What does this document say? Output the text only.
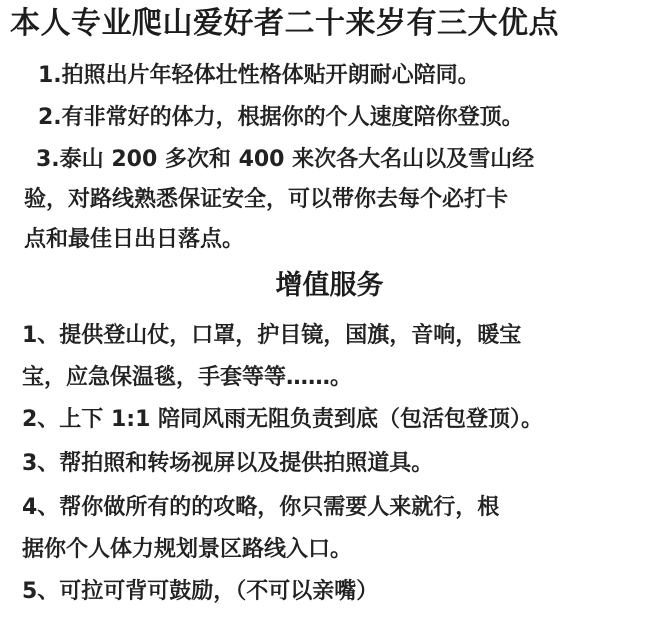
本人专业爬山爱好者二十来岁有三大优点
1.拍照出片年轻体壮性格体贴开朗耐心陪同。
2.有非常好的体力，根据你的个人速度陪你登顶。
3.泰山 200 多次和 400 来次各大名山以及雪山经
验，对路线熟悉保证安全，可以带你去每个必打卡
点和最佳日出日落点。
增值服务
1、提供登山仗，口罩，护目镜，国旗，音响，暖宝
宝，应急保温毯，手套等等……。
2、上下 1:1 陪同风雨无阻负责到底（包活包登顶）。
3、帮拍照和转场视屏以及提供拍照道具。
4、帮你做所有的的攻略，你只需要人来就行，根
据你个人体力规划景区路线入口。
5、可拉可背可鼓励，（不可以亲嘴）
